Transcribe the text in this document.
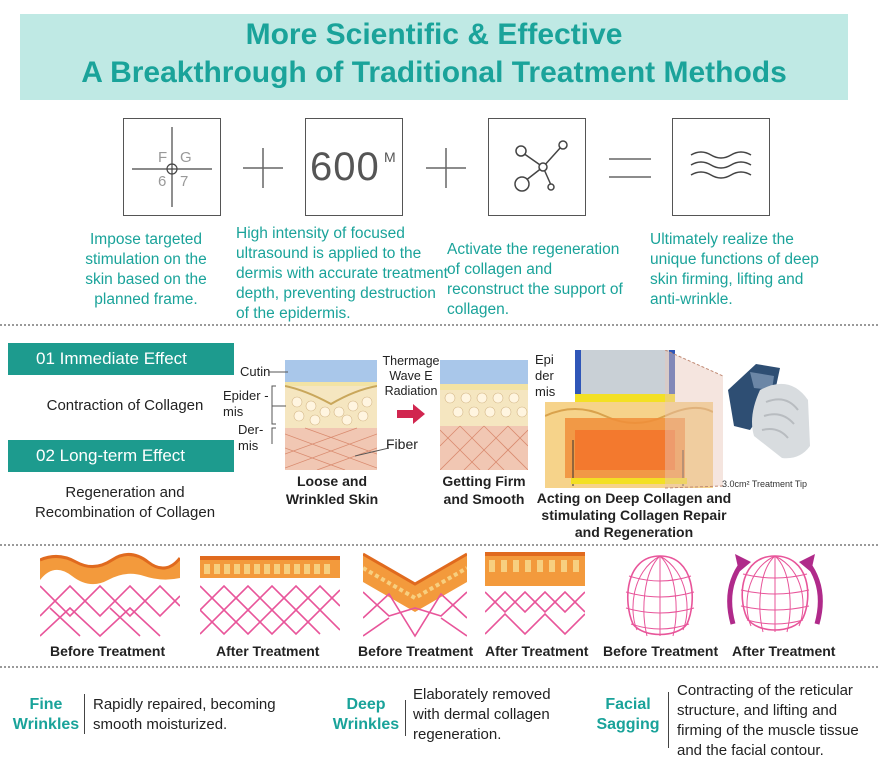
More Scientific & Effective
A Breakthrough of Traditional Treatment Methods
F G
6 7	600 M
Impose targeted stimulation on the skin based on the planned frame.
High intensity of focused ultrasound is applied to the dermis with accurate treatment depth, preventing destruction of the epidermis.
Activate the regeneration of collagen and reconstruct the support of collagen.
Ultimately realize the unique functions of deep skin firming, lifting and anti-wrinkle.
01 Immediate Effect
Contraction of Collagen
02 Long-term Effect
Regeneration and
Recombination of Collagen
Cutin
Epider -mis
Der- mis	Fiber
Loose and
Wrinkled Skin
Thermage Wave E Radiation
Getting Firm
and Smooth
Epi der mis
3.0cm² Treatment Tip
Acting on Deep Collagen and
stimulating Collagen Repair
and Regeneration
Before Treatment	After Treatment	Before Treatment After Treatment Before Treatment After Treatment
Fine
Wrinkles
Rapidly repaired, becoming
smooth moisturized.
Deep
Wrinkles
Elaborately removed
with dermal collagen
regeneration.
Facial
Sagging
Contracting of the reticular
structure, and lifting and
firming of the muscle tissue
and the facial contour.
